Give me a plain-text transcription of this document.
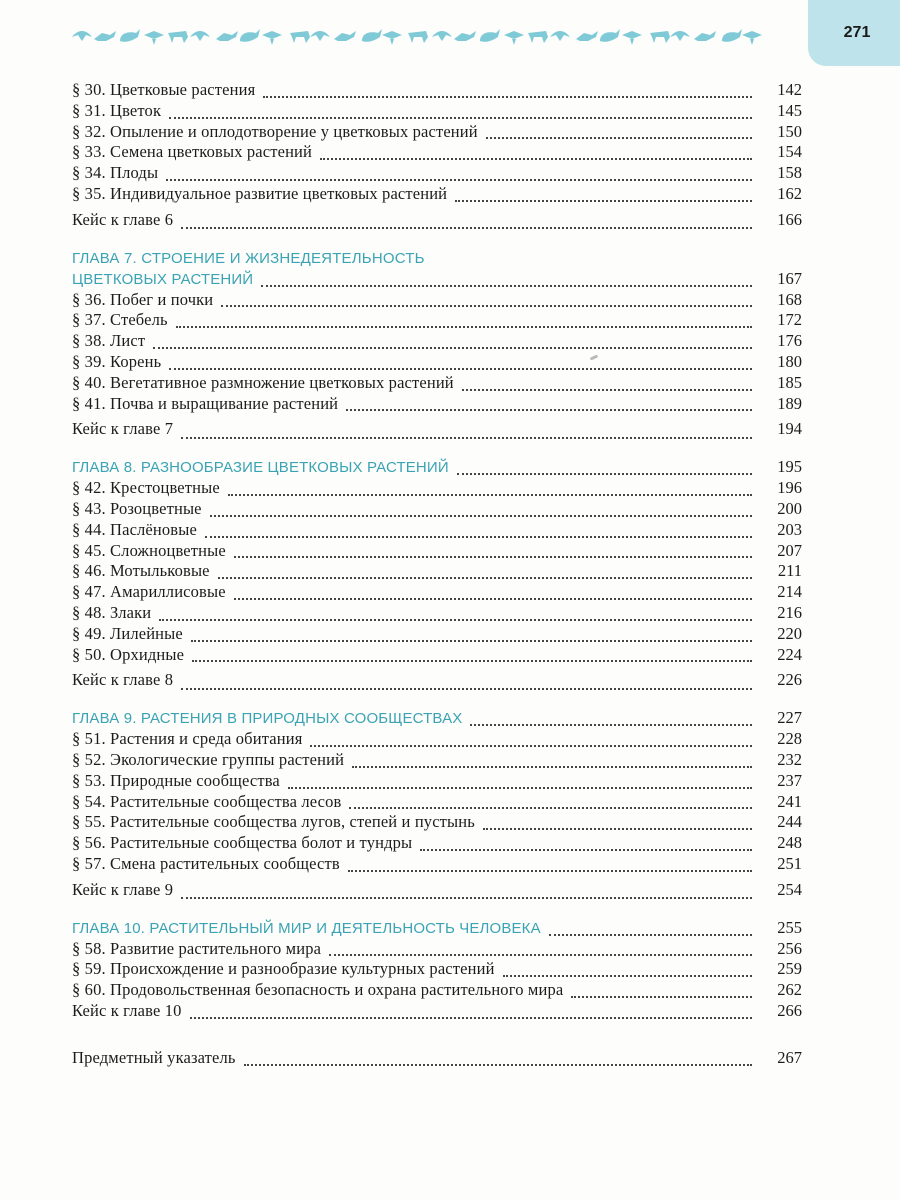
271
§ 30. Цветковые растения	142
§ 31. Цветок	145
§ 32. Опыление и оплодотворение у цветковых растений	150
§ 33. Семена цветковых растений	154
§ 34. Плоды	158
§ 35. Индивидуальное развитие цветковых растений	162
Кейс к главе 6	166
ГЛАВА 7. СТРОЕНИЕ И ЖИЗНЕДЕЯТЕЛЬНОСТЬ
ЦВЕТКОВЫХ РАСТЕНИЙ	167
§ 36. Побег и почки	168
§ 37. Стебель	172
§ 38. Лист	176
§ 39. Корень	180
§ 40. Вегетативное размножение цветковых растений	185
§ 41. Почва и выращивание растений	189
Кейс к главе 7	194
ГЛАВА 8. РАЗНООБРАЗИЕ ЦВЕТКОВЫХ РАСТЕНИЙ	195
§ 42. Крестоцветные	196
§ 43. Розоцветные	200
§ 44. Паслёновые	203
§ 45. Сложноцветные	207
§ 46. Мотыльковые	211
§ 47. Амариллисовые	214
§ 48. Злаки	216
§ 49. Лилейные	220
§ 50. Орхидные	224
Кейс к главе 8	226
ГЛАВА 9. РАСТЕНИЯ В ПРИРОДНЫХ СООБЩЕСТВАХ	227
§ 51. Растения и среда обитания	228
§ 52. Экологические группы растений	232
§ 53. Природные сообщества	237
§ 54. Растительные сообщества лесов	241
§ 55. Растительные сообщества лугов, степей и пустынь	244
§ 56. Растительные сообщества болот и тундры	248
§ 57. Смена растительных сообществ	251
Кейс к главе 9	254
ГЛАВА 10. РАСТИТЕЛЬНЫЙ МИР И ДЕЯТЕЛЬНОСТЬ ЧЕЛОВЕКА	255
§ 58. Развитие растительного мира	256
§ 59. Происхождение и разнообразие культурных растений	259
§ 60. Продовольственная безопасность и охрана растительного мира	262
Кейс к главе 10	266
Предметный указатель	267
